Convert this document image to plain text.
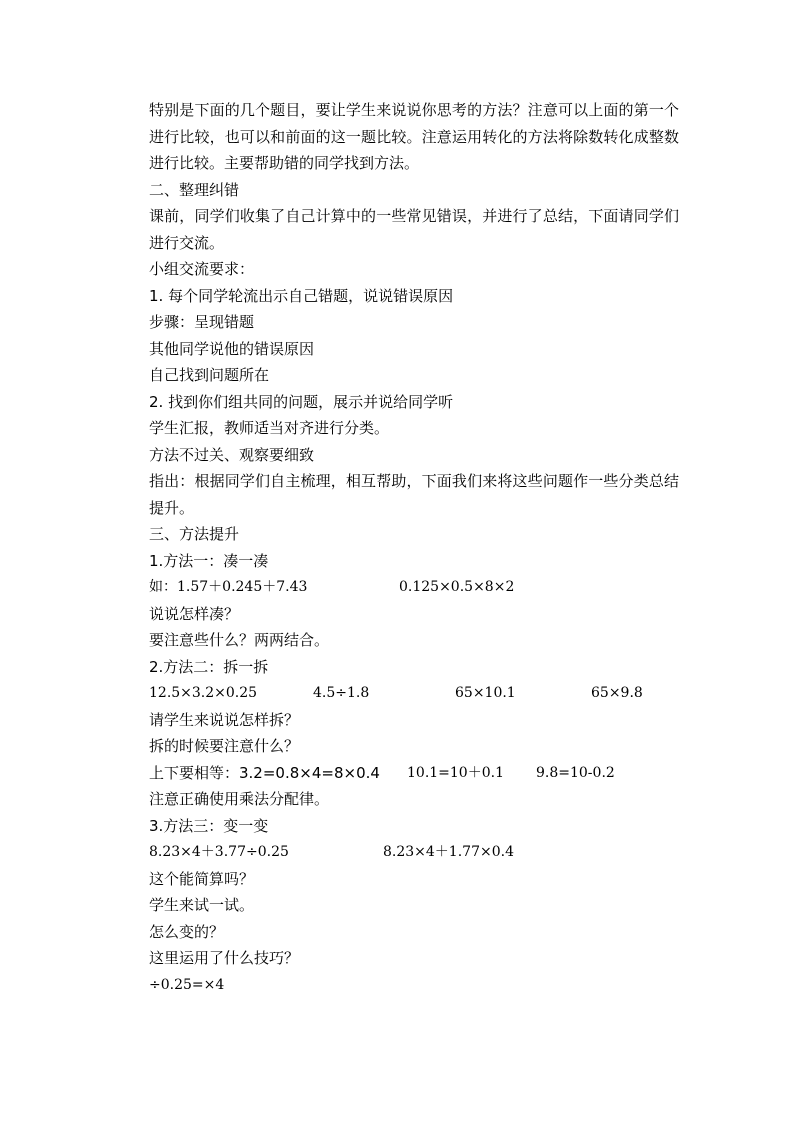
特别是下面的几个题目，要让学生来说说你思考的方法？注意可以上面的第一个进行比较，也可以和前面的这一题比较。注意运用转化的方法将除数转化成整数进行比较。主要帮助错的同学找到方法。

二、整理纠错

课前，同学们收集了自己计算中的一些常见错误，并进行了总结，下面请同学们进行交流。

小组交流要求：

1. 每个同学轮流出示自己错题，说说错误原因

步骤：呈现错题

其他同学说他的错误原因

自己找到问题所在

2. 找到你们组共同的问题，展示并说给同学听

学生汇报，教师适当对齐进行分类。

方法不过关、观察要细致

指出：根据同学们自主梳理，相互帮助，下面我们来将这些问题作一些分类总结提升。

三、方法提升

1.方法一：凑一凑

如：1.57＋0.245＋7.43	0.125×0.5×8×2

说说怎样凑？

要注意些什么？两两结合。

2.方法二：拆一拆

12.5×3.2×0.25	4.5÷1.8	65×10.1	65×9.8

请学生来说说怎样拆？

拆的时候要注意什么？

上下要相等：3.2=0.8×4=8×0.4 10.1=10＋0.1 9.8=10-0.2

注意正确使用乘法分配律。

3.方法三：变一变

8.23×4＋3.77÷0.25	8.23×4＋1.77×0.4

这个能简算吗？

学生来试一试。

怎么变的？

这里运用了什么技巧？

÷0.25=×4
